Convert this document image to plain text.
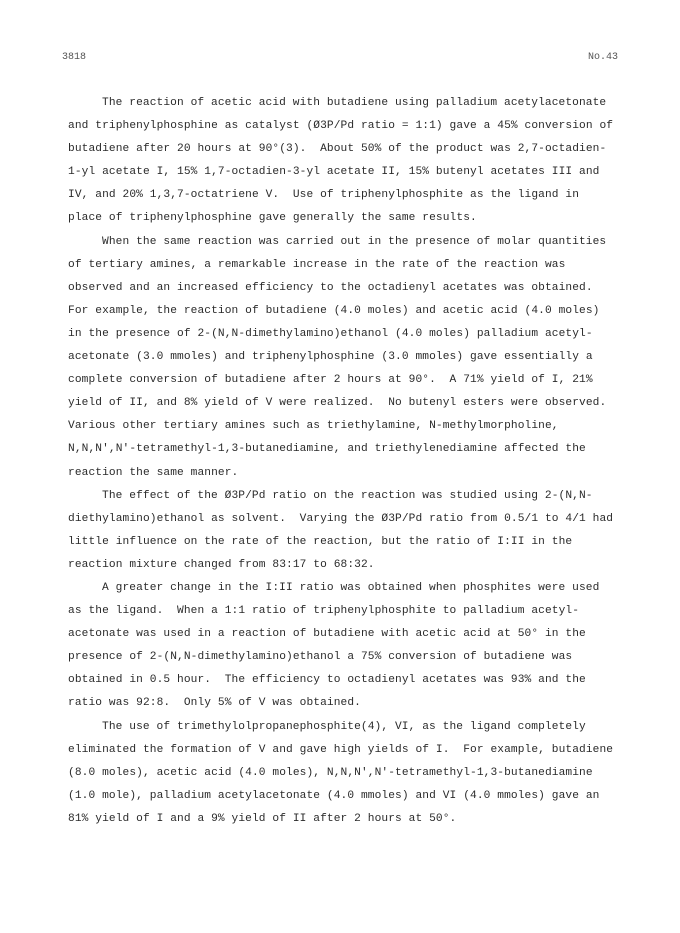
3818	No.43
The reaction of acetic acid with butadiene using palladium acetylacetonate
and triphenylphosphine as catalyst (Ø3P/Pd ratio = 1:1) gave a 45% conversion of
butadiene after 20 hours at 90°(3).  About 50% of the product was 2,7-octadien-
1-yl acetate I, 15% 1,7-octadien-3-yl acetate II, 15% butenyl acetates III and
IV, and 20% 1,3,7-octatriene V.  Use of triphenylphosphite as the ligand in
place of triphenylphosphine gave generally the same results.
When the same reaction was carried out in the presence of molar quantities
of tertiary amines, a remarkable increase in the rate of the reaction was
observed and an increased efficiency to the octadienyl acetates was obtained.
For example, the reaction of butadiene (4.0 moles) and acetic acid (4.0 moles)
in the presence of 2-(N,N-dimethylamino)ethanol (4.0 moles) palladium acetyl-
acetonate (3.0 mmoles) and triphenylphosphine (3.0 mmoles) gave essentially a
complete conversion of butadiene after 2 hours at 90°.  A 71% yield of I, 21%
yield of II, and 8% yield of V were realized.  No butenyl esters were observed.
Various other tertiary amines such as triethylamine, N-methylmorpholine,
N,N,N',N'-tetramethyl-1,3-butanediamine, and triethylenediamine affected the
reaction the same manner.
The effect of the Ø3P/Pd ratio on the reaction was studied using 2-(N,N-
diethylamino)ethanol as solvent.  Varying the Ø3P/Pd ratio from 0.5/1 to 4/1 had
little influence on the rate of the reaction, but the ratio of I:II in the
reaction mixture changed from 83:17 to 68:32.
A greater change in the I:II ratio was obtained when phosphites were used
as the ligand.  When a 1:1 ratio of triphenylphosphite to palladium acetyl-
acetonate was used in a reaction of butadiene with acetic acid at 50° in the
presence of 2-(N,N-dimethylamino)ethanol a 75% conversion of butadiene was
obtained in 0.5 hour.  The efficiency to octadienyl acetates was 93% and the
ratio was 92:8.  Only 5% of V was obtained.
The use of trimethylolpropanephosphite(4), VI, as the ligand completely
eliminated the formation of V and gave high yields of I.  For example, butadiene
(8.0 moles), acetic acid (4.0 moles), N,N,N',N'-tetramethyl-1,3-butanediamine
(1.0 mole), palladium acetylacetonate (4.0 mmoles) and VI (4.0 mmoles) gave an
81% yield of I and a 9% yield of II after 2 hours at 50°.
